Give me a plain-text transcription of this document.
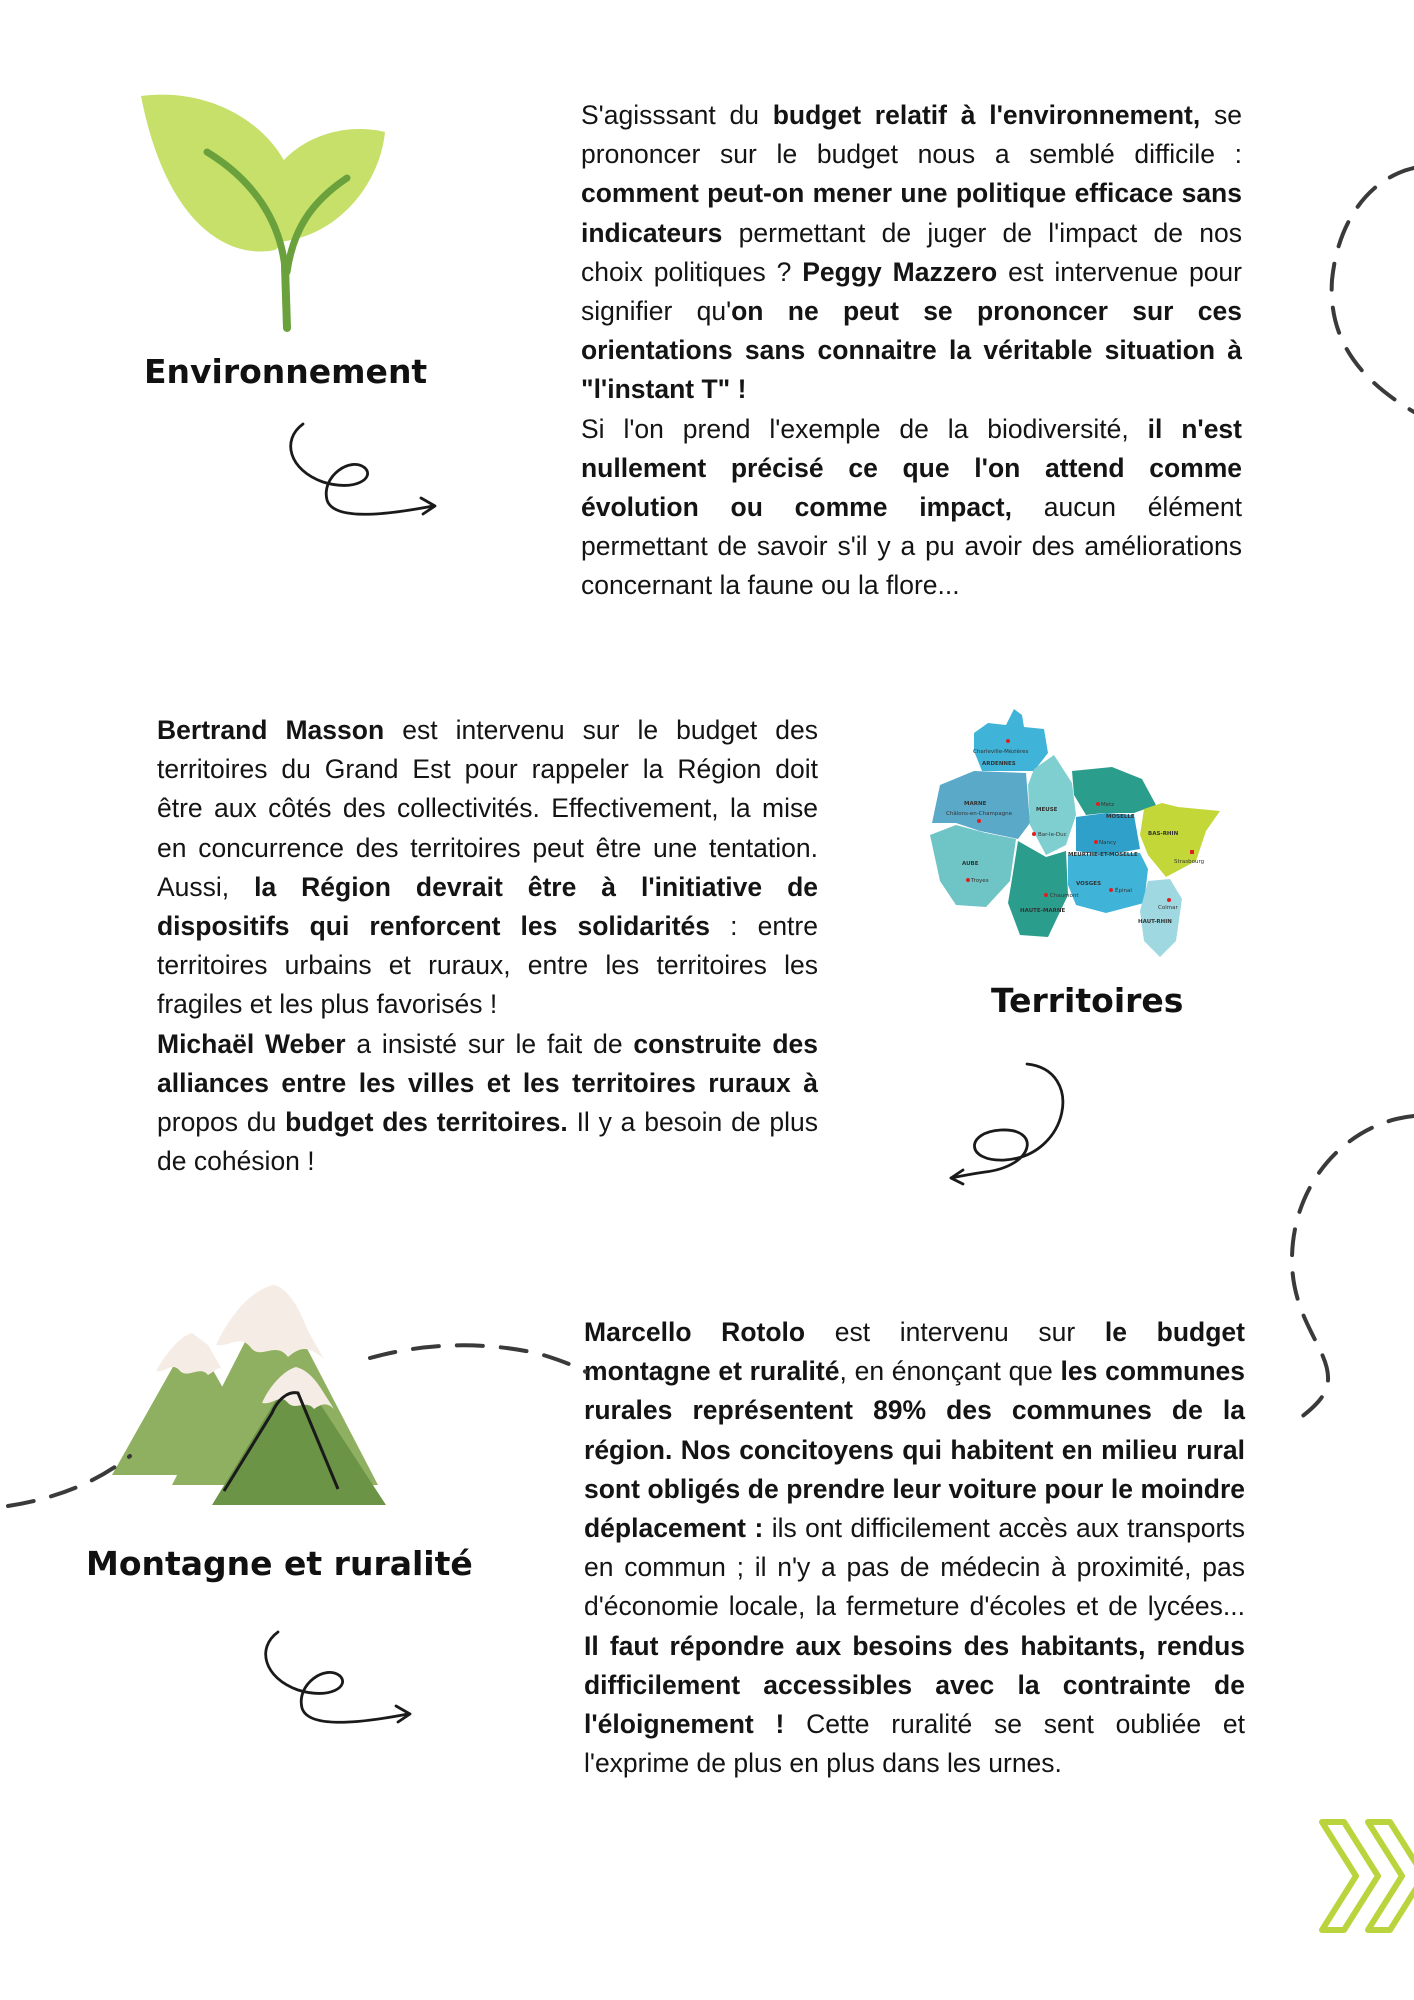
Environnement

S'agisssant du budget relatif à l'environnement, se prononcer sur le budget nous a semblé difficile : comment peut-on mener une politique efficace sans indicateurs permettant de juger de l'impact de nos choix politiques ? Peggy Mazzero est intervenue pour signifier qu'on ne peut se prononcer sur ces orientations sans connaitre la véritable situation à "l'instant T" !
Si l'on prend l'exemple de la biodiversité, il n'est nullement précisé ce que l'on attend comme évolution ou comme impact, aucun élément permettant de savoir s'il y a pu avoir des améliorations concernant la faune ou la flore...

Bertrand Masson est intervenu sur le budget des territoires du Grand Est pour rappeler la Région doit être aux côtés des collectivités. Effectivement, la mise en concurrence des territoires peut être une tentation. Aussi, la Région devrait être à l'initiative de dispositifs qui renforcent les solidarités : entre territoires urbains et ruraux, entre les territoires les fragiles et les plus favorisés !
Michaël Weber a insisté sur le fait de construite des alliances entre les villes et les territoires ruraux à propos du budget des territoires. Il y a besoin de plus de cohésion !

Charleville-Mézières
ARDENNES
MARNE
Châlons-en-Champagne
MEUSE
Bar-le-Duc
Metz
MOSELLE
Nancy
MEURTHE-ET-MOSELLE
BAS-RHIN
Strasbourg
AUBE
Troyes	VOSGES
Épinal
Chaumont
HAUTE-MARNE	Colmar
HAUT-RHIN
Territoires
Montagne et ruralité

Marcello Rotolo est intervenu sur le budget montagne et ruralité, en énonçant que les communes rurales représentent 89% des communes de la région. Nos concitoyens qui habitent en milieu rural sont obligés de prendre leur voiture pour le moindre déplacement : ils ont difficilement accès aux transports en commun ; il n'y a pas de médecin à proximité, pas d'économie locale, la fermeture d'écoles et de lycées... Il faut répondre aux besoins des habitants, rendus difficilement accessibles avec la contrainte de l'éloignement ! Cette ruralité se sent oubliée et l'exprime de plus en plus dans les urnes.
